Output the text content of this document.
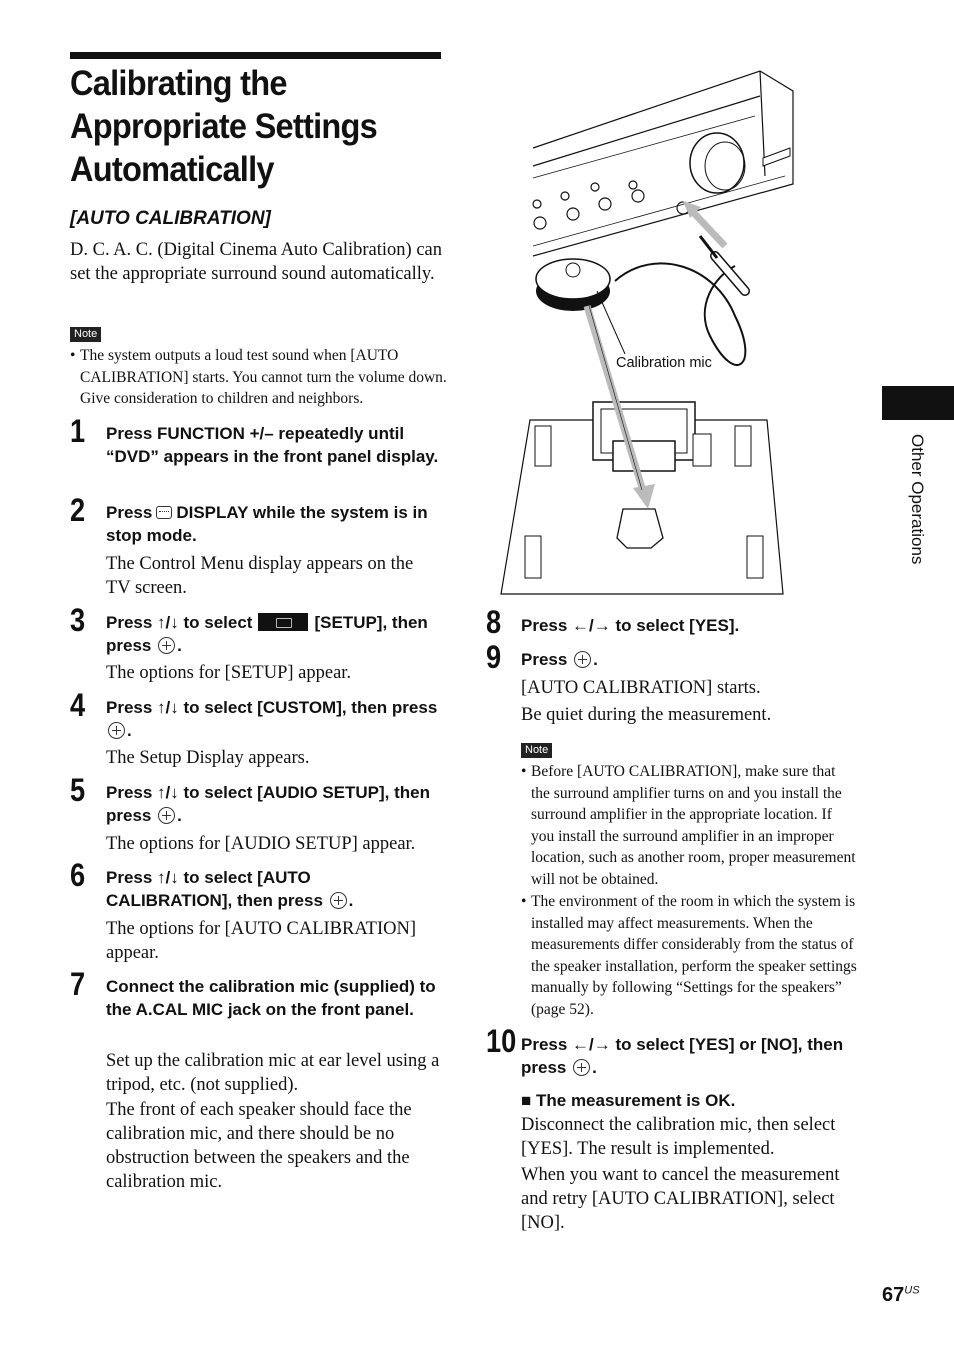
Calibrating the Appropriate Settings Automatically
[AUTO CALIBRATION]
D. C. A. C. (Digital Cinema Auto Calibration) can set the appropriate surround sound automatically.
Note
• The system outputs a loud test sound when [AUTO CALIBRATION] starts. You cannot turn the volume down. Give consideration to children and neighbors.
1 Press FUNCTION +/– repeatedly until “DVD” appears in the front panel display.
2 Press DISPLAY while the system is in stop mode.
The Control Menu display appears on the TV screen.
3 Press ↑/↓ to select	[SETUP], then press .
The options for [SETUP] appear.
4 Press ↑/↓ to select [CUSTOM], then press .
The Setup Display appears.
5 Press ↑/↓ to select [AUDIO SETUP], then press .
The options for [AUDIO SETUP] appear.
6 Press ↑/↓ to select [AUTO CALIBRATION], then press .
The options for [AUTO CALIBRATION] appear.
7 Connect the calibration mic (supplied) to the A.CAL MIC jack on the front panel.
Set up the calibration mic at ear level using a tripod, etc. (not supplied).
The front of each speaker should face the calibration mic, and there should be no obstruction between the speakers and the calibration mic.
Calibration mic
8 Press ←/→ to select [YES].
9 Press .
[AUTO CALIBRATION] starts.
Be quiet during the measurement.
Note
• Before [AUTO CALIBRATION], make sure that the surround amplifier turns on and you install the surround amplifier in the appropriate location. If you install the surround amplifier in an improper location, such as another room, proper measurement will not be obtained.
• The environment of the room in which the system is installed may affect measurements. When the measurements differ considerably from the status of the speaker installation, perform the speaker settings manually by following “Settings for the speakers” (page 52).
10 Press ←/→ to select [YES] or [NO], then press .
■ The measurement is OK.
Disconnect the calibration mic, then select [YES]. The result is implemented.
When you want to cancel the measurement and retry [AUTO CALIBRATION], select [NO].
Other Operations
$67^{US}$
